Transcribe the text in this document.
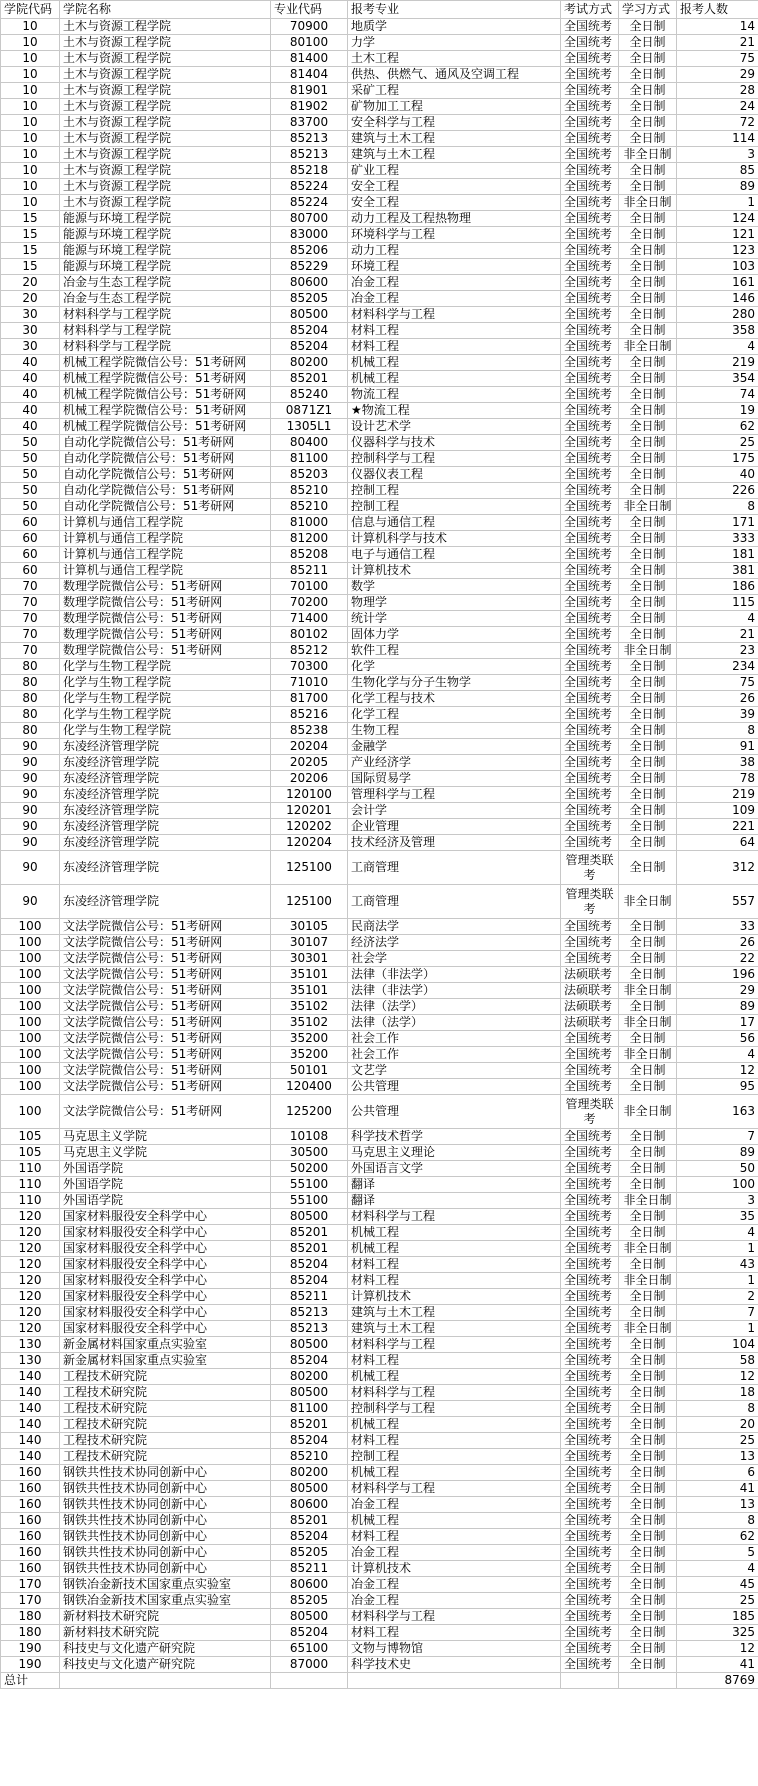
学院代码	学院名称	专业代码	报考专业	考试方式	学习方式	报考人数
10	土木与资源工程学院	70900	地质学	全国统考	全日制	14
10	土木与资源工程学院	80100	力学	全国统考	全日制	21
10	土木与资源工程学院	81400	土木工程	全国统考	全日制	75
10	土木与资源工程学院	81404	供热、供燃气、通风及空调工程	全国统考	全日制	29
10	土木与资源工程学院	81901	采矿工程	全国统考	全日制	28
10	土木与资源工程学院	81902	矿物加工工程	全国统考	全日制	24
10	土木与资源工程学院	83700	安全科学与工程	全国统考	全日制	72
10	土木与资源工程学院	85213	建筑与土木工程	全国统考	全日制	114
10	土木与资源工程学院	85213	建筑与土木工程	全国统考	非全日制	3
10	土木与资源工程学院	85218	矿业工程	全国统考	全日制	85
10	土木与资源工程学院	85224	安全工程	全国统考	全日制	89
10	土木与资源工程学院	85224	安全工程	全国统考	非全日制	1
15	能源与环境工程学院	80700	动力工程及工程热物理	全国统考	全日制	124
15	能源与环境工程学院	83000	环境科学与工程	全国统考	全日制	121
15	能源与环境工程学院	85206	动力工程	全国统考	全日制	123
15	能源与环境工程学院	85229	环境工程	全国统考	全日制	103
20	冶金与生态工程学院	80600	冶金工程	全国统考	全日制	161
20	冶金与生态工程学院	85205	冶金工程	全国统考	全日制	146
30	材料科学与工程学院	80500	材料科学与工程	全国统考	全日制	280
30	材料科学与工程学院	85204	材料工程	全国统考	全日制	358
30	材料科学与工程学院	85204	材料工程	全国统考	非全日制	4
40	机械工程学院微信公号：51考研网	80200	机械工程	全国统考	全日制	219
40	机械工程学院微信公号：51考研网	85201	机械工程	全国统考	全日制	354
40	机械工程学院微信公号：51考研网	85240	物流工程	全国统考	全日制	74
40	机械工程学院微信公号：51考研网	0871Z1	★物流工程	全国统考	全日制	19
40	机械工程学院微信公号：51考研网	1305L1	设计艺术学	全国统考	全日制	62
50	自动化学院微信公号：51考研网	80400	仪器科学与技术	全国统考	全日制	25
50	自动化学院微信公号：51考研网	81100	控制科学与工程	全国统考	全日制	175
50	自动化学院微信公号：51考研网	85203	仪器仪表工程	全国统考	全日制	40
50	自动化学院微信公号：51考研网	85210	控制工程	全国统考	全日制	226
50	自动化学院微信公号：51考研网	85210	控制工程	全国统考	非全日制	8
60	计算机与通信工程学院	81000	信息与通信工程	全国统考	全日制	171
60	计算机与通信工程学院	81200	计算机科学与技术	全国统考	全日制	333
60	计算机与通信工程学院	85208	电子与通信工程	全国统考	全日制	181
60	计算机与通信工程学院	85211	计算机技术	全国统考	全日制	381
70	数理学院微信公号：51考研网	70100	数学	全国统考	全日制	186
70	数理学院微信公号：51考研网	70200	物理学	全国统考	全日制	115
70	数理学院微信公号：51考研网	71400	统计学	全国统考	全日制	4
70	数理学院微信公号：51考研网	80102	固体力学	全国统考	全日制	21
70	数理学院微信公号：51考研网	85212	软件工程	全国统考	非全日制	23
80	化学与生物工程学院	70300	化学	全国统考	全日制	234
80	化学与生物工程学院	71010	生物化学与分子生物学	全国统考	全日制	75
80	化学与生物工程学院	81700	化学工程与技术	全国统考	全日制	26
80	化学与生物工程学院	85216	化学工程	全国统考	全日制	39
80	化学与生物工程学院	85238	生物工程	全国统考	全日制	8
90	东凌经济管理学院	20204	金融学	全国统考	全日制	91
90	东凌经济管理学院	20205	产业经济学	全国统考	全日制	38
90	东凌经济管理学院	20206	国际贸易学	全国统考	全日制	78
90	东凌经济管理学院	120100	管理科学与工程	全国统考	全日制	219
90	东凌经济管理学院	120201	会计学	全国统考	全日制	109
90	东凌经济管理学院	120202	企业管理	全国统考	全日制	221
90	东凌经济管理学院	120204	技术经济及管理	全国统考	全日制	64
90	东凌经济管理学院	125100	工商管理	管理类联考	全日制	312
90	东凌经济管理学院	125100	工商管理	管理类联考	非全日制	557
100	文法学院微信公号：51考研网	30105	民商法学	全国统考	全日制	33
100	文法学院微信公号：51考研网	30107	经济法学	全国统考	全日制	26
100	文法学院微信公号：51考研网	30301	社会学	全国统考	全日制	22
100	文法学院微信公号：51考研网	35101	法律（非法学）	法硕联考	全日制	196
100	文法学院微信公号：51考研网	35101	法律（非法学）	法硕联考	非全日制	29
100	文法学院微信公号：51考研网	35102	法律（法学）	法硕联考	全日制	89
100	文法学院微信公号：51考研网	35102	法律（法学）	法硕联考	非全日制	17
100	文法学院微信公号：51考研网	35200	社会工作	全国统考	全日制	56
100	文法学院微信公号：51考研网	35200	社会工作	全国统考	非全日制	4
100	文法学院微信公号：51考研网	50101	文艺学	全国统考	全日制	12
100	文法学院微信公号：51考研网	120400	公共管理	全国统考	全日制	95
100	文法学院微信公号：51考研网	125200	公共管理	管理类联考	非全日制	163
105	马克思主义学院	10108	科学技术哲学	全国统考	全日制	7
105	马克思主义学院	30500	马克思主义理论	全国统考	全日制	89
110	外国语学院	50200	外国语言文学	全国统考	全日制	50
110	外国语学院	55100	翻译	全国统考	全日制	100
110	外国语学院	55100	翻译	全国统考	非全日制	3
120	国家材料服役安全科学中心	80500	材料科学与工程	全国统考	全日制	35
120	国家材料服役安全科学中心	85201	机械工程	全国统考	全日制	4
120	国家材料服役安全科学中心	85201	机械工程	全国统考	非全日制	1
120	国家材料服役安全科学中心	85204	材料工程	全国统考	全日制	43
120	国家材料服役安全科学中心	85204	材料工程	全国统考	非全日制	1
120	国家材料服役安全科学中心	85211	计算机技术	全国统考	全日制	2
120	国家材料服役安全科学中心	85213	建筑与土木工程	全国统考	全日制	7
120	国家材料服役安全科学中心	85213	建筑与土木工程	全国统考	非全日制	1
130	新金属材料国家重点实验室	80500	材料科学与工程	全国统考	全日制	104
130	新金属材料国家重点实验室	85204	材料工程	全国统考	全日制	58
140	工程技术研究院	80200	机械工程	全国统考	全日制	12
140	工程技术研究院	80500	材料科学与工程	全国统考	全日制	18
140	工程技术研究院	81100	控制科学与工程	全国统考	全日制	8
140	工程技术研究院	85201	机械工程	全国统考	全日制	20
140	工程技术研究院	85204	材料工程	全国统考	全日制	25
140	工程技术研究院	85210	控制工程	全国统考	全日制	13
160	钢铁共性技术协同创新中心	80200	机械工程	全国统考	全日制	6
160	钢铁共性技术协同创新中心	80500	材料科学与工程	全国统考	全日制	41
160	钢铁共性技术协同创新中心	80600	冶金工程	全国统考	全日制	13
160	钢铁共性技术协同创新中心	85201	机械工程	全国统考	全日制	8
160	钢铁共性技术协同创新中心	85204	材料工程	全国统考	全日制	62
160	钢铁共性技术协同创新中心	85205	冶金工程	全国统考	全日制	5
160	钢铁共性技术协同创新中心	85211	计算机技术	全国统考	全日制	4
170	钢铁冶金新技术国家重点实验室	80600	冶金工程	全国统考	全日制	45
170	钢铁冶金新技术国家重点实验室	85205	冶金工程	全国统考	全日制	25
180	新材料技术研究院	80500	材料科学与工程	全国统考	全日制	185
180	新材料技术研究院	85204	材料工程	全国统考	全日制	325
190	科技史与文化遗产研究院	65100	文物与博物馆	全国统考	全日制	12
190	科技史与文化遗产研究院	87000	科学技术史	全国统考	全日制	41
总计						8769
